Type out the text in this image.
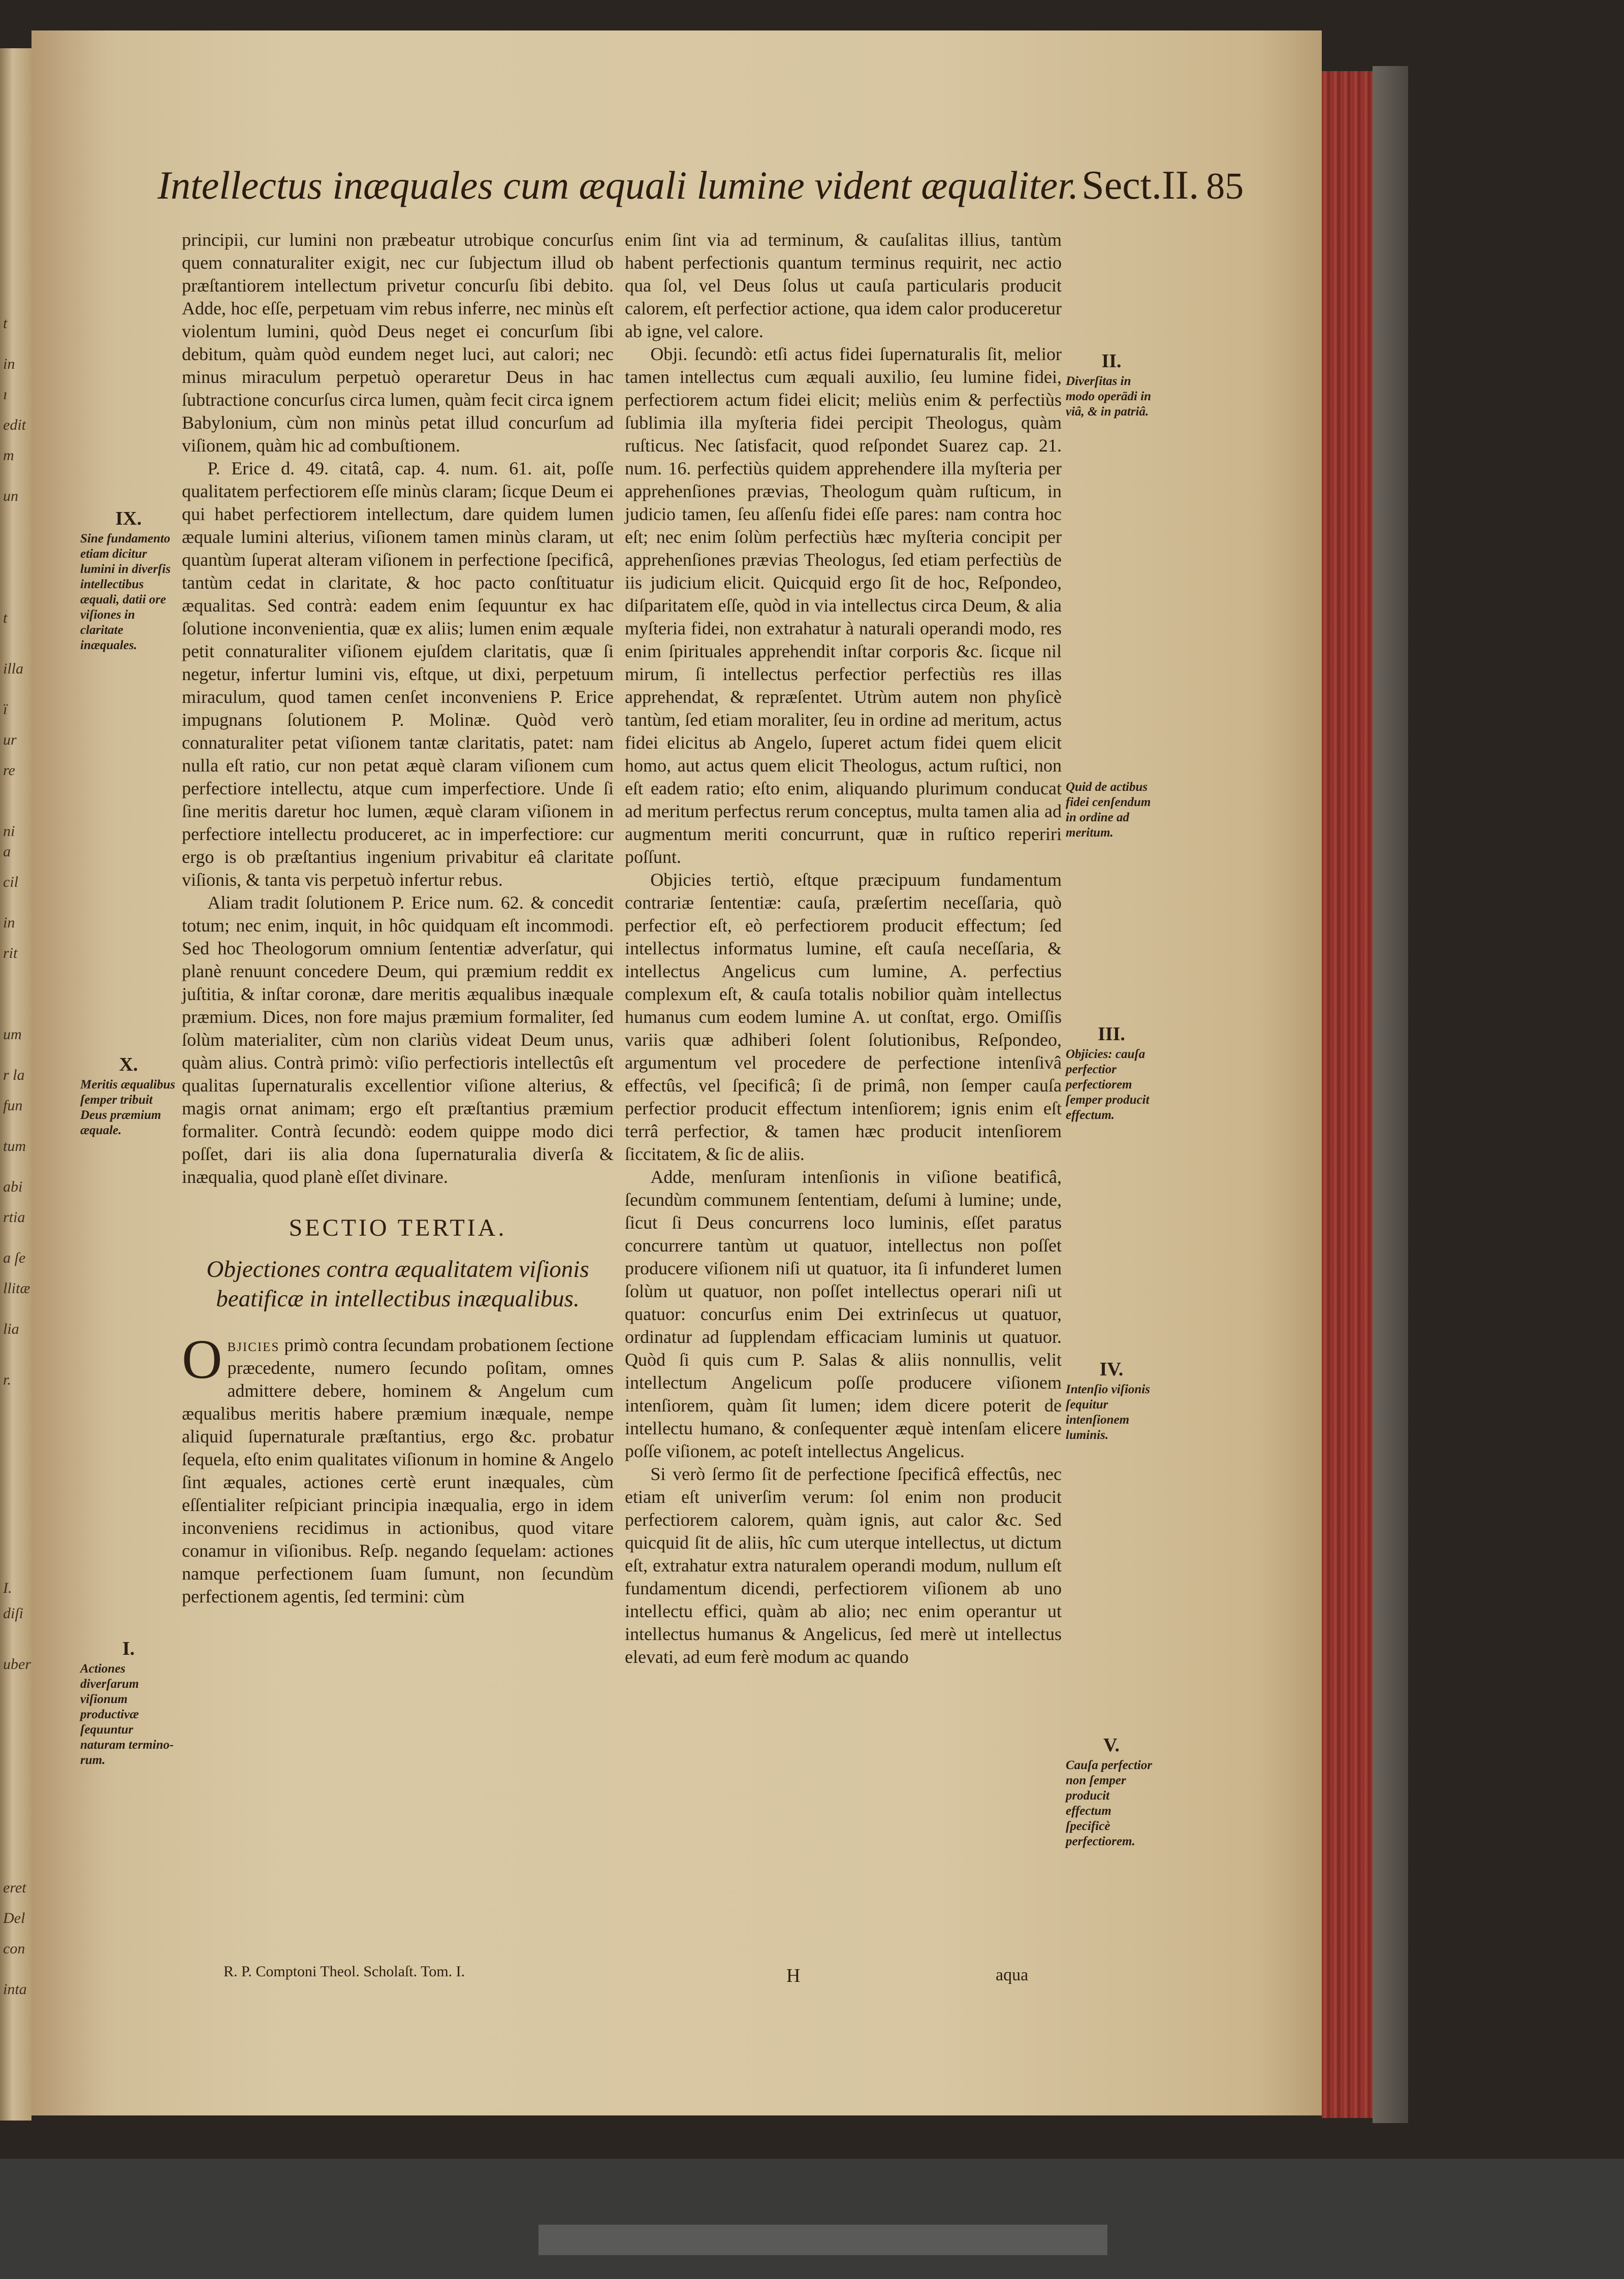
t
in
ı
edit
m
un
t
illa
ï
ur
re
ni
a
cil
in
rit
um
r la
fun
tum
abi
rtia
a ſe
llitæ
lia
r.
I.
diſi
uber
eret
Del
con
inta
Intellectus inæquales cum æquali lumine vident æqualiter.Sect.II. 85

principii, cur lumini non præbeatur utrobique concurſus quem connaturaliter exigit, nec cur ſubjectum illud ob præſtantiorem intellectum privetur concurſu ſibi debito. Adde, hoc eſſe, perpetuam vim rebus inferre, nec minùs eſt violentum lumini, quòd Deus neget ei concurſum ſibi debitum, quàm quòd eundem neget luci, aut calori; nec minus miraculum perpetuò operaretur Deus in hac ſubtractione concurſus circa lumen, quàm fecit circa ignem Babylonium, cùm non minùs petat illud concurſum ad viſionem, quàm hic ad combuſtionem.

P. Erice d. 49. citatâ, cap. 4. num. 61. ait, poſſe qualitatem perfectiorem eſſe minùs claram; ſicque Deum ei qui habet perfectiorem intellectum, dare quidem lumen æquale lumini alterius, viſionem tamen minùs claram, ut quantùm ſuperat alteram viſionem in perfectione ſpecificâ, tantùm cedat in claritate, & hoc pacto conſtituatur æqualitas. Sed contrà: eadem enim ſequuntur ex hac ſolutione inconvenientia, quæ ex aliis; lumen enim æquale petit connaturaliter viſionem ejuſdem claritatis, quæ ſi negetur, infertur lumini vis, eſtque, ut dixi, perpetuum miraculum, quod tamen cenſet inconveniens P. Erice impugnans ſolutionem P. Molinæ. Quòd verò connaturaliter petat viſionem tantæ claritatis, patet: nam nulla eſt ratio, cur non petat æquè claram viſionem cum perfectiore intellectu, atque cum imperfectiore. Unde ſi ſine meritis daretur hoc lumen, æquè claram viſionem in perfectiore intellectu produceret, ac in imperfectiore: cur ergo is ob præſtantius ingenium privabitur eâ claritate viſionis, & tanta vis perpetuò infertur rebus.

Aliam tradit ſolutionem P. Erice num. 62. & concedit totum; nec enim, inquit, in hôc quidquam eſt incommodi. Sed hoc Theologorum omnium ſententiæ adverſatur, qui planè renuunt concedere Deum, qui præmium reddit ex juſtitia, & inſtar coronæ, dare meritis æqualibus inæquale præmium. Dices, non fore majus præmium formaliter, ſed ſolùm materialiter, cùm non clariùs videat Deum unus, quàm alius. Contrà primò: viſio perfectioris intellectûs eſt qualitas ſupernaturalis excellentior viſione alterius, & magis ornat animam; ergo eſt præſtantius præmium formaliter. Contrà ſecundò: eodem quippe modo dici poſſet, dari iis alia dona ſupernaturalia diverſa & inæqualia, quod planè eſſet divinare.

SECTIO TERTIA.
Objectiones contra æqualitatem viſionis beatificæ in intellectibus inæqualibus.

Objicies primò contra ſecundam probationem ſectione præcedente, numero ſecundo poſitam, omnes admittere debere, hominem & Angelum cum æqualibus meritis habere præmium inæquale, nempe aliquid ſupernaturale præſtantius, ergo &c. probatur ſequela, eſto enim qualitates viſionum in homine & Angelo ſint æquales, actiones certè erunt inæquales, cùm eſſentialiter reſpiciant principia inæqualia, ergo in idem inconveniens recidimus in actionibus, quod vitare conamur in viſionibus. Reſp. negando ſequelam: actiones namque perfectionem ſuam ſumunt, non ſecundùm perfectionem agentis, ſed termini: cùm

enim ſint via ad terminum, & cauſalitas illius, tantùm habent perfectionis quantum terminus requirit, nec actio qua ſol, vel Deus ſolus ut cauſa particularis producit calorem, eſt perfectior actione, qua idem calor produceretur ab igne, vel calore.

Obji. ſecundò: etſi actus fidei ſupernaturalis ſit, melior tamen intellectus cum æquali auxilio, ſeu lumine fidei, perfectiorem actum fidei elicit; meliùs enim & perfectiùs ſublimia illa myſteria fidei percipit Theologus, quàm ruſticus. Nec ſatisfacit, quod reſpondet Suarez cap. 21. num. 16. perfectiùs quidem apprehendere illa myſteria per apprehenſiones prævias, Theologum quàm ruſticum, in judicio tamen, ſeu aſſenſu fidei eſſe pares: nam contra hoc eſt; nec enim ſolùm perfectiùs hæc myſteria concipit per apprehenſiones prævias Theologus, ſed etiam perfectiùs de iis judicium elicit. Quicquid ergo ſit de hoc, Reſpondeo, diſparitatem eſſe, quòd in via intellectus circa Deum, & alia myſteria fidei, non extrahatur à naturali operandi modo, res enim ſpirituales apprehendit inſtar corporis &c. ſicque nil mirum, ſi intellectus perfectior perfectiùs res illas apprehendat, & repræſentet. Utrùm autem non phyſicè tantùm, ſed etiam moraliter, ſeu in ordine ad meritum, actus fidei elicitus ab Angelo, ſuperet actum fidei quem elicit homo, aut actus quem elicit Theologus, actum ruſtici, non eſt eadem ratio; eſto enim, aliquando plurimum conducat ad meritum perfectus rerum conceptus, multa tamen alia ad augmentum meriti concurrunt, quæ in ruſtico reperiri poſſunt.

Objicies tertiò, eſtque præcipuum fundamentum contrariæ ſententiæ: cauſa, præſertim neceſſaria, quò perfectior eſt, eò perfectiorem producit effectum; ſed intellectus informatus lumine, eſt cauſa neceſſaria, & intellectus Angelicus cum lumine, A. perfectius complexum eſt, & cauſa totalis nobilior quàm intellectus humanus cum eodem lumine A. ut conſtat, ergo. Omiſſis variis quæ adhiberi ſolent ſolutionibus, Reſpondeo, argumentum vel procedere de perfectione intenſivâ effectûs, vel ſpecificâ; ſi de primâ, non ſemper cauſa perfectior producit effectum intenſiorem; ignis enim eſt terrâ perfectior, & tamen hæc producit intenſiorem ſiccitatem, & ſic de aliis.

Adde, menſuram intenſionis in viſione beatificâ, ſecundùm communem ſententiam, deſumi à lumine; unde, ſicut ſi Deus concurrens loco luminis, eſſet paratus concurrere tantùm ut quatuor, intellectus non poſſet producere viſionem niſi ut quatuor, ita ſi infunderet lumen ſolùm ut quatuor, non poſſet intellectus operari niſi ut quatuor: concurſus enim Dei extrinſecus ut quatuor, ordinatur ad ſupplendam efficaciam luminis ut quatuor. Quòd ſi quis cum P. Salas & aliis nonnullis, velit intellectum Angelicum poſſe producere viſionem intenſiorem, quàm ſit lumen; idem dicere poterit de intellectu humano, & conſequenter æquè intenſam elicere poſſe viſionem, ac poteſt intellectus Angelicus.

Si verò ſermo ſit de perfectione ſpecificâ effectûs, nec etiam eſt univerſim verum: ſol enim non producit perfectiorem calorem, quàm ignis, aut calor &c. Sed quicquid ſit de aliis, hîc cum uterque intellectus, ut dictum eſt, extrahatur extra naturalem operandi modum, nullum eſt fundamentum dicendi, perfectiorem viſionem ab uno intellectu effici, quàm ab alio; nec enim operantur ut intellectus humanus & Angelicus, ſed merè ut intellectus elevati, ad eum ferè modum ac quando

IX.
Sine fundamento etiam dicitur lumini in diverſis intellectibus æquali, datii ore viſiones in claritate inæquales.
X.
Meritis æqualibus ſemper tribuit Deus præmium æquale.
I.
Actiones diverſarum viſionum productivæ ſequuntur naturam termino-rum.
II.
Diverſitas in modo operādi in viâ, & in patriâ.
Quid de actibus fidei cenſendum in ordine ad meritum.
III.
Objicies: cauſa perfectior perfectiorem ſemper producit effectum.
IV.
Intenſio viſionis ſequitur intenſionem luminis.
V.
Cauſa perfectior non ſemper producit effectum ſpecificè perfectiorem.
R. P. Comptoni Theol. Scholaſt. Tom. I.	H	aqua
